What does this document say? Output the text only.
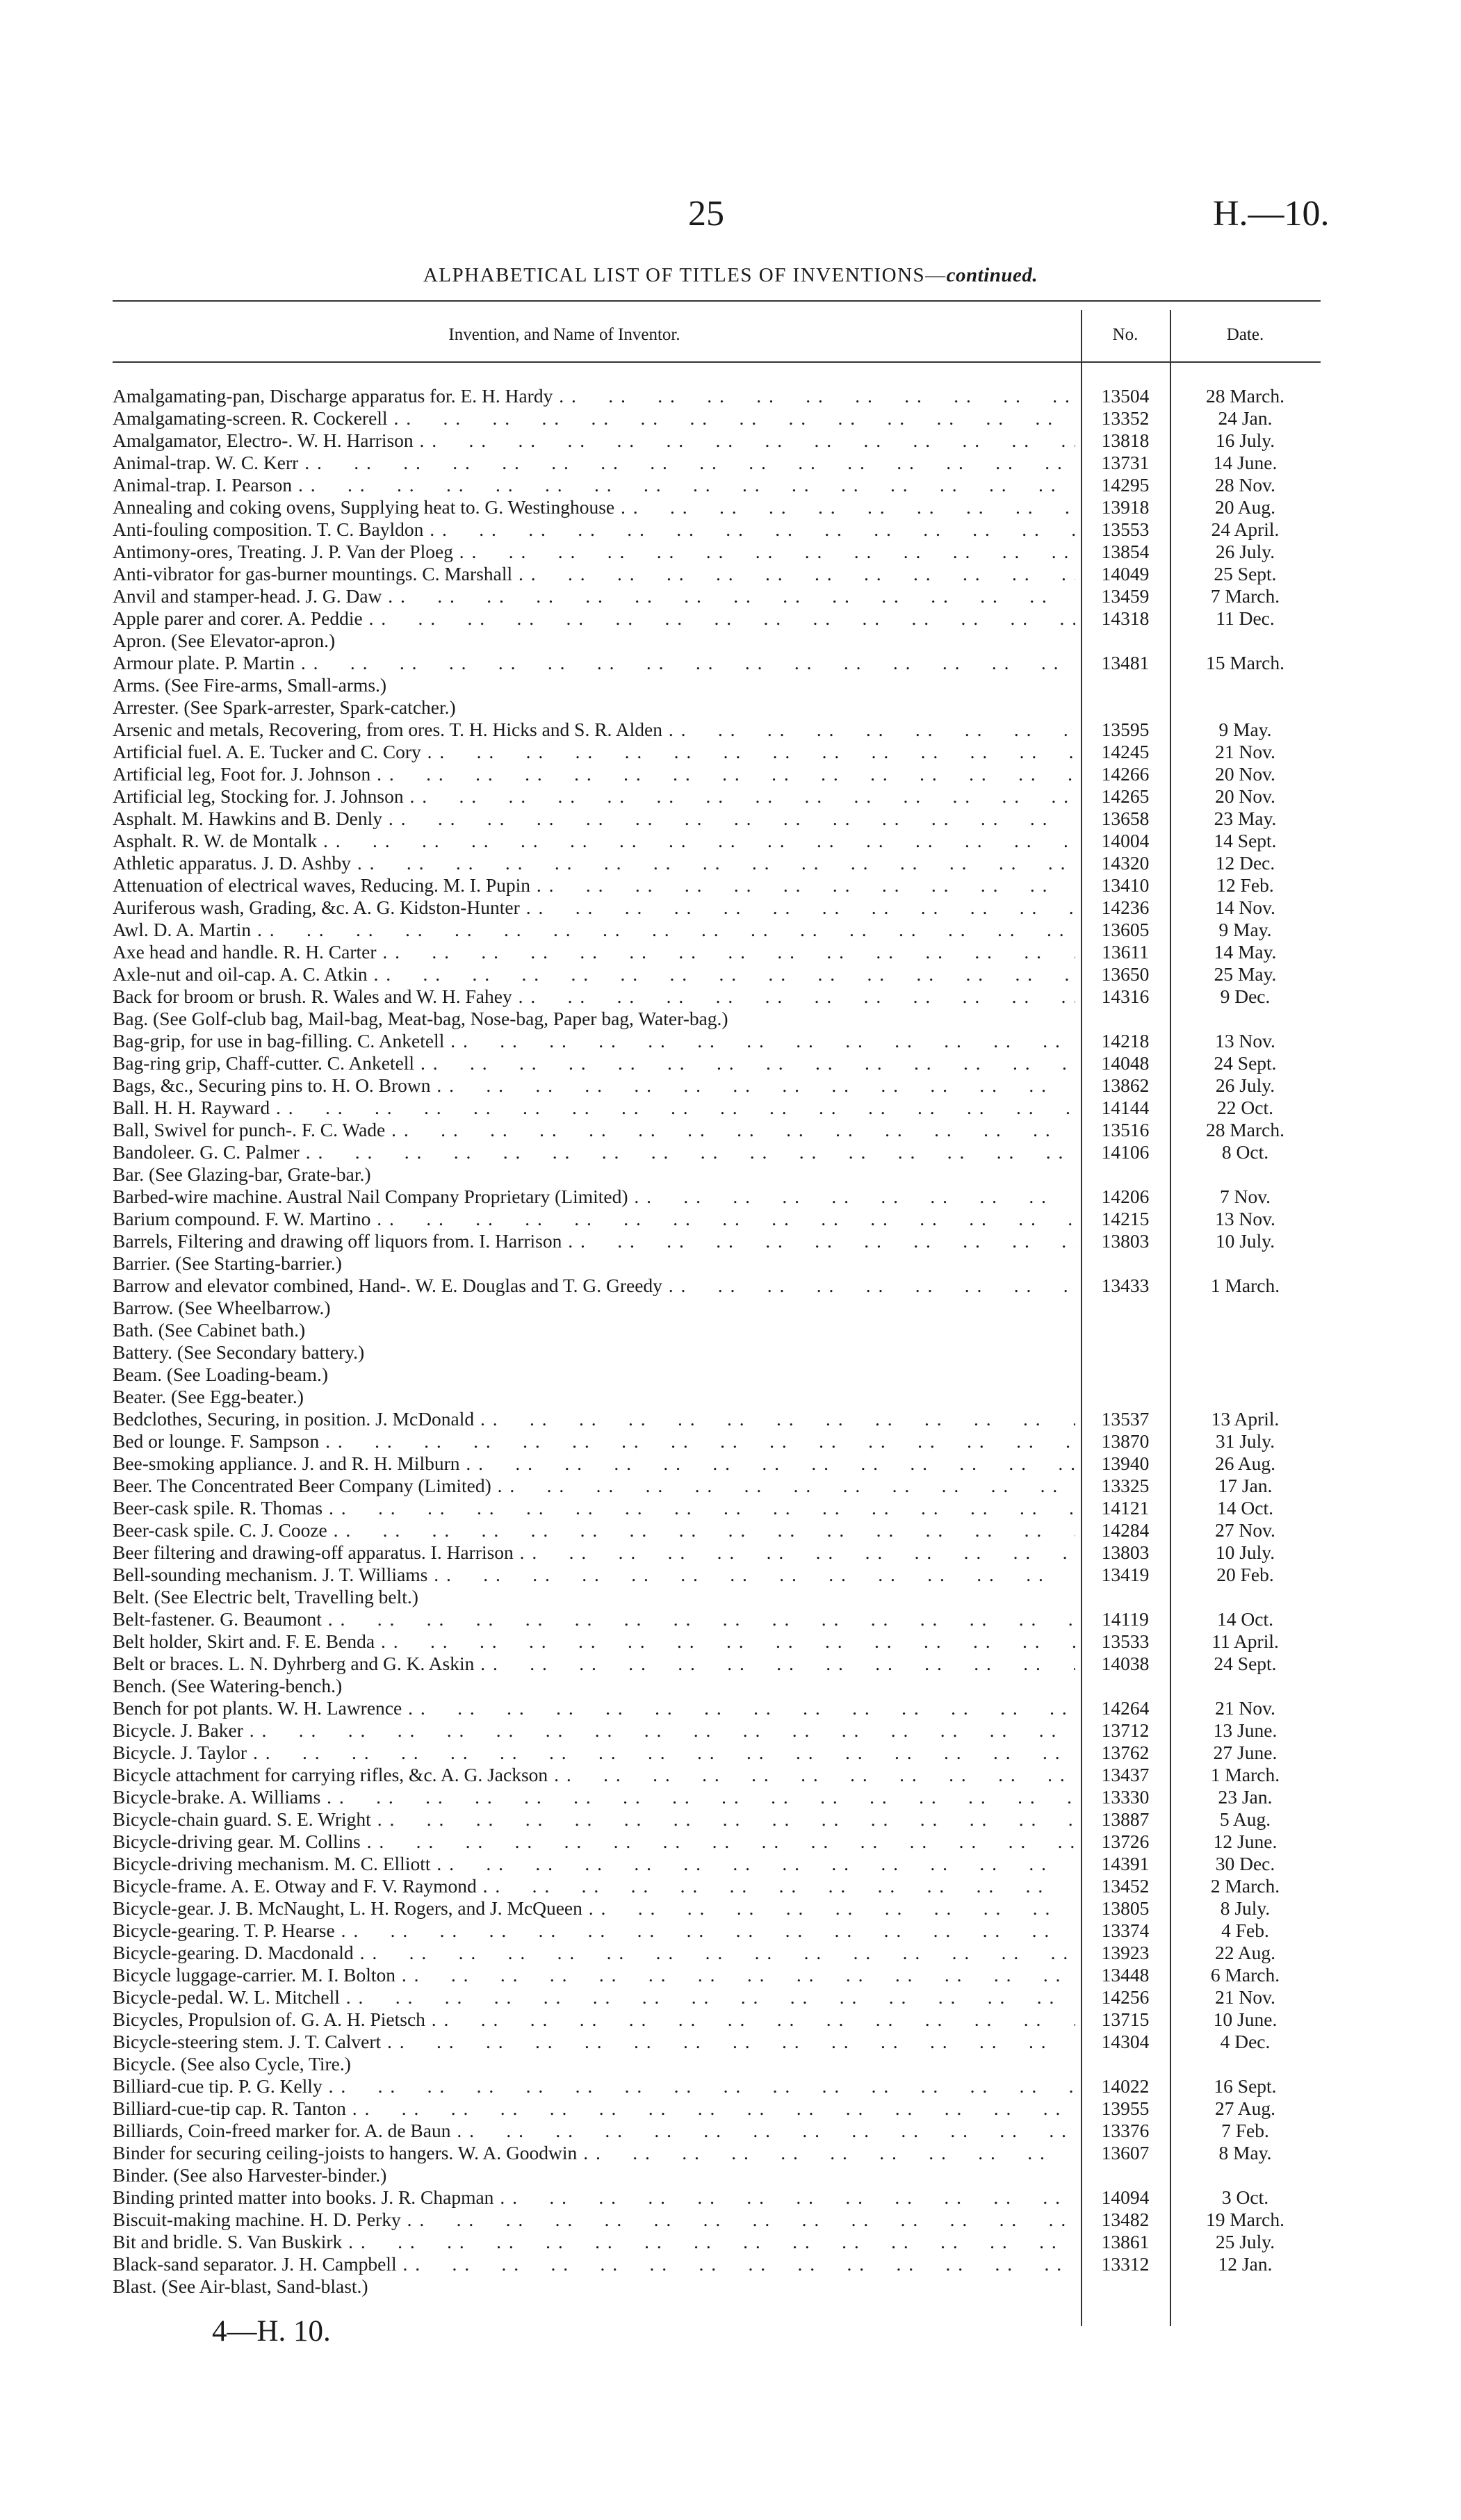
25	H.—10.
ALPHABETICAL LIST OF TITLES OF INVENTIONS—continued.
Invention, and Name of Inventor.	No.	Date.
Amalgamating-pan, Discharge apparatus for. E. H. Hardy . .	13504	28 March.
Amalgamating-screen. R. Cockerell . .	13352	24 Jan.
Amalgamator, Electro-. W. H. Harrison . .	13818	16 July.
Animal-trap. W. C. Kerr . .	13731	14 June.
Animal-trap. I. Pearson . .	14295	28 Nov.
Annealing and coking ovens, Supplying heat to. G. Westinghouse . .	13918	20 Aug.
Anti-fouling composition. T. C. Bayldon . .	13553	24 April.
Antimony-ores, Treating. J. P. Van der Ploeg . .	13854	26 July.
Anti-vibrator for gas-burner mountings. C. Marshall . .	14049	25 Sept.
Anvil and stamper-head. J. G. Daw . .	13459	7 March.
Apple parer and corer. A. Peddie . .	14318	11 Dec.
Apron. (See Elevator-apron.)
Armour plate. P. Martin . .	13481	15 March.
Arms. (See Fire-arms, Small-arms.)
Arrester. (See Spark-arrester, Spark-catcher.)
Arsenic and metals, Recovering, from ores. T. H. Hicks and S. R. Alden . .	13595	9 May.
Artificial fuel. A. E. Tucker and C. Cory . .	14245	21 Nov.
Artificial leg, Foot for. J. Johnson . .	14266	20 Nov.
Artificial leg, Stocking for. J. Johnson . .	14265	20 Nov.
Asphalt. M. Hawkins and B. Denly . .	13658	23 May.
Asphalt. R. W. de Montalk . .	14004	14 Sept.
Athletic apparatus. J. D. Ashby . .	14320	12 Dec.
Attenuation of electrical waves, Reducing. M. I. Pupin . .	13410	12 Feb.
Auriferous wash, Grading, &c. A. G. Kidston-Hunter . .	14236	14 Nov.
Awl. D. A. Martin . .	13605	9 May.
Axe head and handle. R. H. Carter . .	13611	14 May.
Axle-nut and oil-cap. A. C. Atkin . .	13650	25 May.
Back for broom or brush. R. Wales and W. H. Fahey . .	14316	9 Dec.
Bag. (See Golf-club bag, Mail-bag, Meat-bag, Nose-bag, Paper bag, Water-bag.)
Bag-grip, for use in bag-filling. C. Anketell . .	14218	13 Nov.
Bag-ring grip, Chaff-cutter. C. Anketell . .	14048	24 Sept.
Bags, &c., Securing pins to. H. O. Brown . .	13862	26 July.
Ball. H. H. Rayward . .	14144	22 Oct.
Ball, Swivel for punch-. F. C. Wade . .	13516	28 March.
Bandoleer. G. C. Palmer . .	14106	8 Oct.
Bar. (See Glazing-bar, Grate-bar.)
Barbed-wire machine. Austral Nail Company Proprietary (Limited) . .	14206	7 Nov.
Barium compound. F. W. Martino . .	14215	13 Nov.
Barrels, Filtering and drawing off liquors from. I. Harrison . .	13803	10 July.
Barrier. (See Starting-barrier.)
Barrow and elevator combined, Hand-. W. E. Douglas and T. G. Greedy . .	13433	1 March.
Barrow. (See Wheelbarrow.)
Bath. (See Cabinet bath.)
Battery. (See Secondary battery.)
Beam. (See Loading-beam.)
Beater. (See Egg-beater.)
Bedclothes, Securing, in position. J. McDonald . .	13537	13 April.
Bed or lounge. F. Sampson . .	13870	31 July.
Bee-smoking appliance. J. and R. H. Milburn . .	13940	26 Aug.
Beer. The Concentrated Beer Company (Limited) . .	13325	17 Jan.
Beer-cask spile. R. Thomas . .	14121	14 Oct.
Beer-cask spile. C. J. Cooze . .	14284	27 Nov.
Beer filtering and drawing-off apparatus. I. Harrison . .	13803	10 July.
Bell-sounding mechanism. J. T. Williams . .	13419	20 Feb.
Belt. (See Electric belt, Travelling belt.)
Belt-fastener. G. Beaumont . .	14119	14 Oct.
Belt holder, Skirt and. F. E. Benda . .	13533	11 April.
Belt or braces. L. N. Dyhrberg and G. K. Askin . .	14038	24 Sept.
Bench. (See Watering-bench.)
Bench for pot plants. W. H. Lawrence . .	14264	21 Nov.
Bicycle. J. Baker . .	13712	13 June.
Bicycle. J. Taylor . .	13762	27 June.
Bicycle attachment for carrying rifles, &c. A. G. Jackson . .	13437	1 March.
Bicycle-brake. A. Williams . .	13330	23 Jan.
Bicycle-chain guard. S. E. Wright . .	13887	5 Aug.
Bicycle-driving gear. M. Collins . .	13726	12 June.
Bicycle-driving mechanism. M. C. Elliott . .	14391	30 Dec.
Bicycle-frame. A. E. Otway and F. V. Raymond . .	13452	2 March.
Bicycle-gear. J. B. McNaught, L. H. Rogers, and J. McQueen . .	13805	8 July.
Bicycle-gearing. T. P. Hearse . .	13374	4 Feb.
Bicycle-gearing. D. Macdonald . .	13923	22 Aug.
Bicycle luggage-carrier. M. I. Bolton . .	13448	6 March.
Bicycle-pedal. W. L. Mitchell . .	14256	21 Nov.
Bicycles, Propulsion of. G. A. H. Pietsch . .	13715	10 June.
Bicycle-steering stem. J. T. Calvert . .	14304	4 Dec.
Bicycle. (See also Cycle, Tire.)
Billiard-cue tip. P. G. Kelly . .	14022	16 Sept.
Billiard-cue-tip cap. R. Tanton . .	13955	27 Aug.
Billiards, Coin-freed marker for. A. de Baun . .	13376	7 Feb.
Binder for securing ceiling-joists to hangers. W. A. Goodwin . .	13607	8 May.
Binder. (See also Harvester-binder.)
Binding printed matter into books. J. R. Chapman . .	14094	3 Oct.
Biscuit-making machine. H. D. Perky . .	13482	19 March.
Bit and bridle. S. Van Buskirk . .	13861	25 July.
Black-sand separator. J. H. Campbell . .	13312	12 Jan.
Blast. (See Air-blast, Sand-blast.)
4—H. 10.
